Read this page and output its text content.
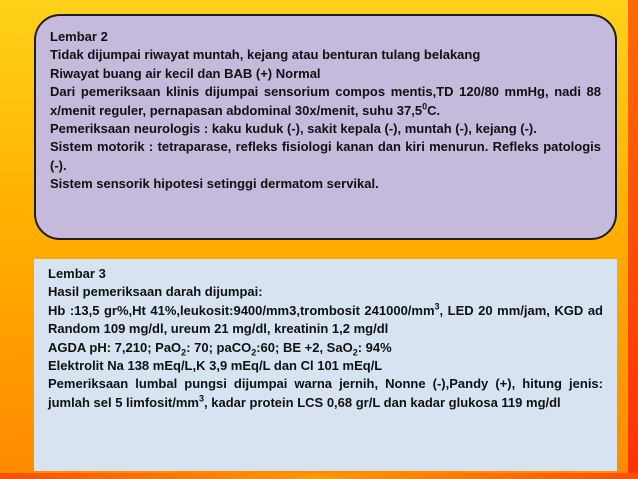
Lembar 2

Tidak dijumpai riwayat muntah, kejang atau benturan tulang belakang

Riwayat buang air kecil dan BAB (+) Normal

Dari pemeriksaan klinis dijumpai sensorium compos mentis,TD 120/80 mmHg, nadi 88 x/menit reguler, pernapasan abdominal 30x/menit, suhu 37,5$^0$C.

Pemeriksaan neurologis : kaku kuduk (-), sakit kepala (-), muntah (-), kejang (-).

Sistem motorik : tetraparase, refleks fisiologi kanan dan kiri menurun. Refleks patologis (-).

Sistem sensorik hipotesi setinggi dermatom servikal.

Lembar 3

Hasil pemeriksaan darah dijumpai:

Hb :13,5 gr%,Ht 41%,leukosit:9400/mm3,trombosit $241000/mm^3$, LED 20 mm/jam, KGD ad Random 109 mg/dl, ureum 21 mg/dl, kreatinin 1,2 mg/dl

AGDA pH: 7,210; PaO$_2$: 70; paCO$_2$:60; BE +2, SaO$_2$: 94%

Elektrolit Na 138 mEq/L,K 3,9 mEq/L dan Cl 101 mEq/L

Pemeriksaan lumbal pungsi dijumpai warna jernih, Nonne (-),Pandy (+), hitung jenis: jumlah sel 5 limfosit/$mm^3$, kadar protein LCS 0,68 gr/L dan kadar glukosa 119 mg/dl
